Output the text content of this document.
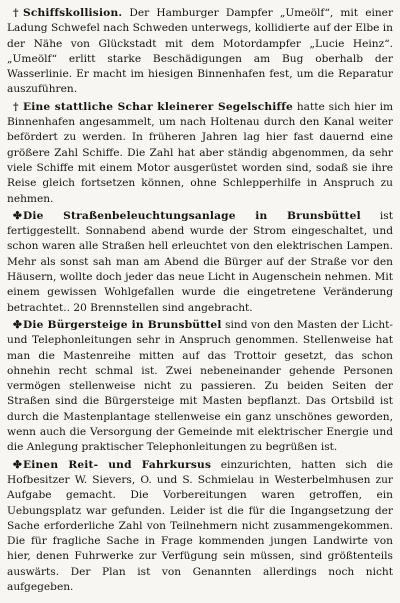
† Schiffskollision. Der Hamburger Dampfer „Umeölf“, mit einer Ladung Schwefel nach Schweden unterwegs, kollidierte auf der Elbe in der Nähe von Glückstadt mit dem Motordampfer „Lucie Heinz“. „Umeölf“ erlitt starke Beschädigungen am Bug oberhalb der Wasserlinie. Er macht im hiesigen Binnenhafen fest, um die Reparatur auszuführen.

† Eine stattliche Schar kleinerer Segelschiffe hatte sich hier im Binnenhafen angesammelt, um nach Holtenau durch den Kanal weiter befördert zu werden. In früheren Jahren lag hier fast dauernd eine größere Zahl Schiffe. Die Zahl hat aber ständig abgenommen, da sehr viele Schiffe mit einem Motor ausgerüstet worden sind, sodaß sie ihre Reise gleich fortsetzen können, ohne Schlepperhilfe in Anspruch zu nehmen.

✤Die Straßenbeleuchtungsanlage in Brunsbüttel ist fertiggestellt. Sonnabend abend wurde der Strom eingeschaltet, und schon waren alle Straßen hell erleuchtet von den elektrischen Lampen. Mehr als sonst sah man am Abend die Bürger auf der Straße vor den Häusern, wollte doch jeder das neue Licht in Augenschein nehmen. Mit einem gewissen Wohlgefallen wurde die eingetretene Veränderung betrachtet.. 20 Brennstellen sind angebracht.

✤Die Bürgersteige in Brunsbüttel sind von den Masten der Licht- und Telephonleitungen sehr in Anspruch genommen. Stellenweise hat man die Mastenreihe mitten auf das Trottoir gesetzt, das schon ohnehin recht schmal ist. Zwei nebeneinander gehende Personen vermögen stellenweise nicht zu passieren. Zu beiden Seiten der Straßen sind die Bürgersteige mit Masten bepflanzt. Das Ortsbild ist durch die Mastenplantage stellenweise ein ganz unschönes geworden, wenn auch die Versorgung der Gemeinde mit elektrischer Energie und die Anlegung praktischer Telephonleitungen zu begrüßen ist.

✤Einen Reit- und Fahrkursus einzurichten, hatten sich die Hofbesitzer W. Sievers, O. und S. Schmielau in Westerbelmhusen zur Aufgabe gemacht. Die Vorbereitungen waren getroffen, ein Uebungsplatz war gefunden. Leider ist die für die Ingangsetzung der Sache erforderliche Zahl von Teilnehmern nicht zusammengekommen. Die für fragliche Sache in Frage kommenden jungen Landwirte von hier, denen Fuhrwerke zur Verfügung sein müssen, sind größtenteils auswärts. Der Plan ist von Genannten allerdings noch nicht aufgegeben.
